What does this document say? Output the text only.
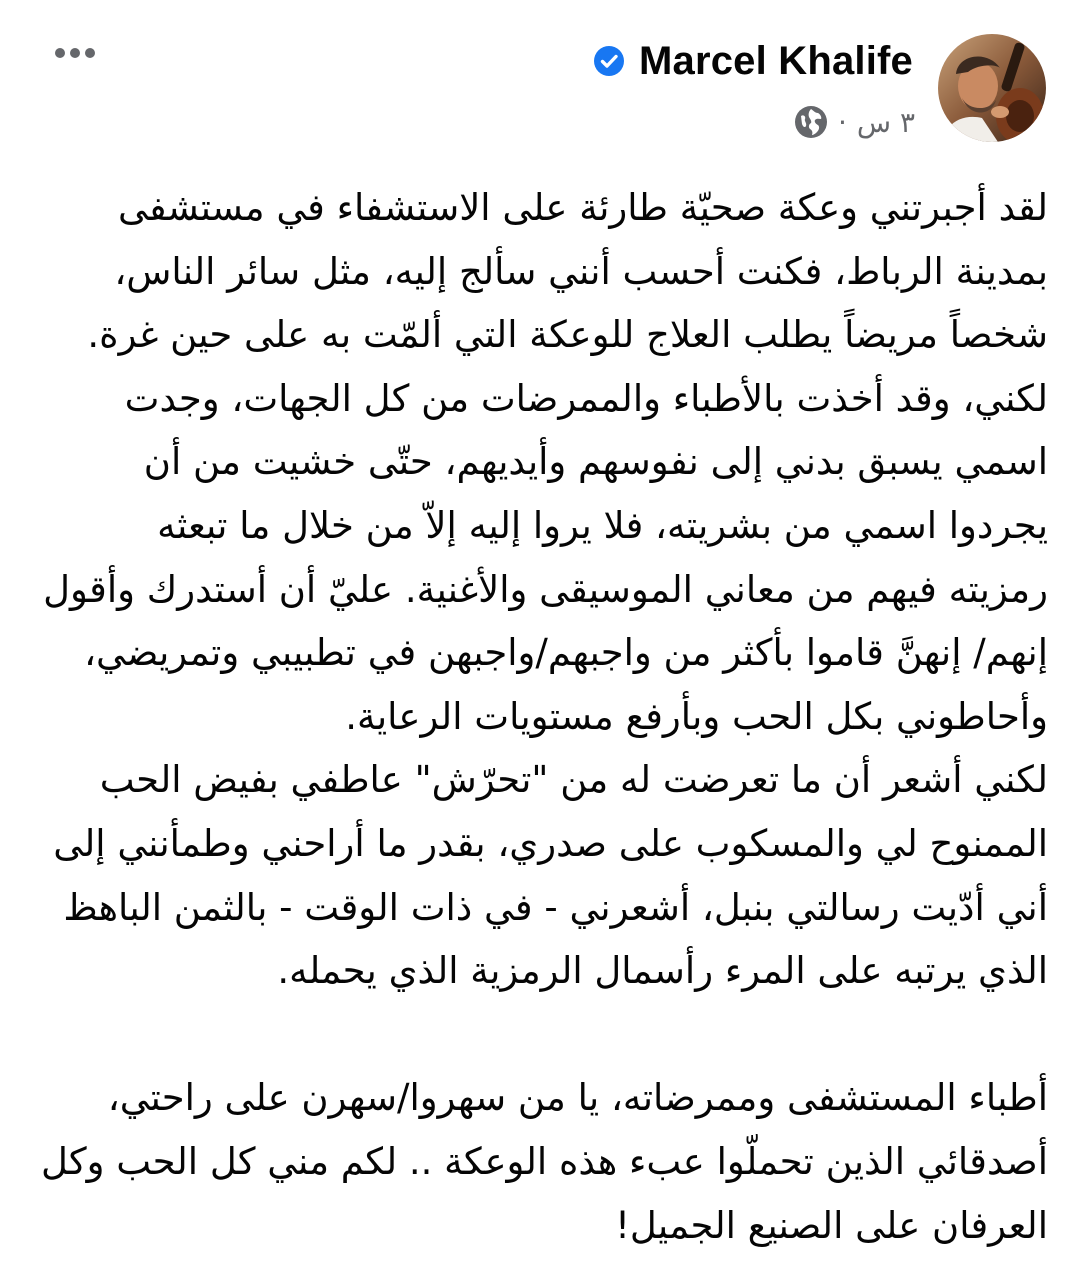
Marcel Khalife
٣ س
·
لقد أجبرتني وعكة صحيّة طارئة على الاستشفاء في مستشفى
بمدينة الرباط، فكنت أحسب أنني سألج إليه، مثل سائر الناس،
شخصاً مريضاً يطلب العلاج للوعكة التي ألمّت به على حين غرة.
لكني، وقد أخذت بالأطباء والممرضات من كل الجهات، وجدت
اسمي يسبق بدني إلى نفوسهم وأيديهم، حتّى خشيت من أن
يجردوا اسمي من بشريته، فلا يروا إليه إلاّ من خلال ما تبعثه
رمزيته فيهم من معاني الموسيقى والأغنية. عليّ أن أستدرك وأقول
إنهم/ إنهنَّ قاموا بأكثر من واجبهم/واجبهن في تطبيبي وتمريضي،
وأحاطوني بكل الحب وبأرفع مستويات الرعاية.
لكني أشعر أن ما تعرضت له من "تحرّش" عاطفي بفيض الحب
الممنوح لي والمسكوب على صدري، بقدر ما أراحني وطمأنني إلى
أني أدّيت رسالتي بنبل، أشعرني - في ذات الوقت - بالثمن الباهظ
الذي يرتبه على المرء رأسمال الرمزية الذي يحمله.
أطباء المستشفى وممرضاته، يا من سهروا/سهرن على راحتي،
أصدقائي الذين تحملّوا عبء هذه الوعكة .. لكم مني كل الحب وكل
العرفان على الصنيع الجميل!
